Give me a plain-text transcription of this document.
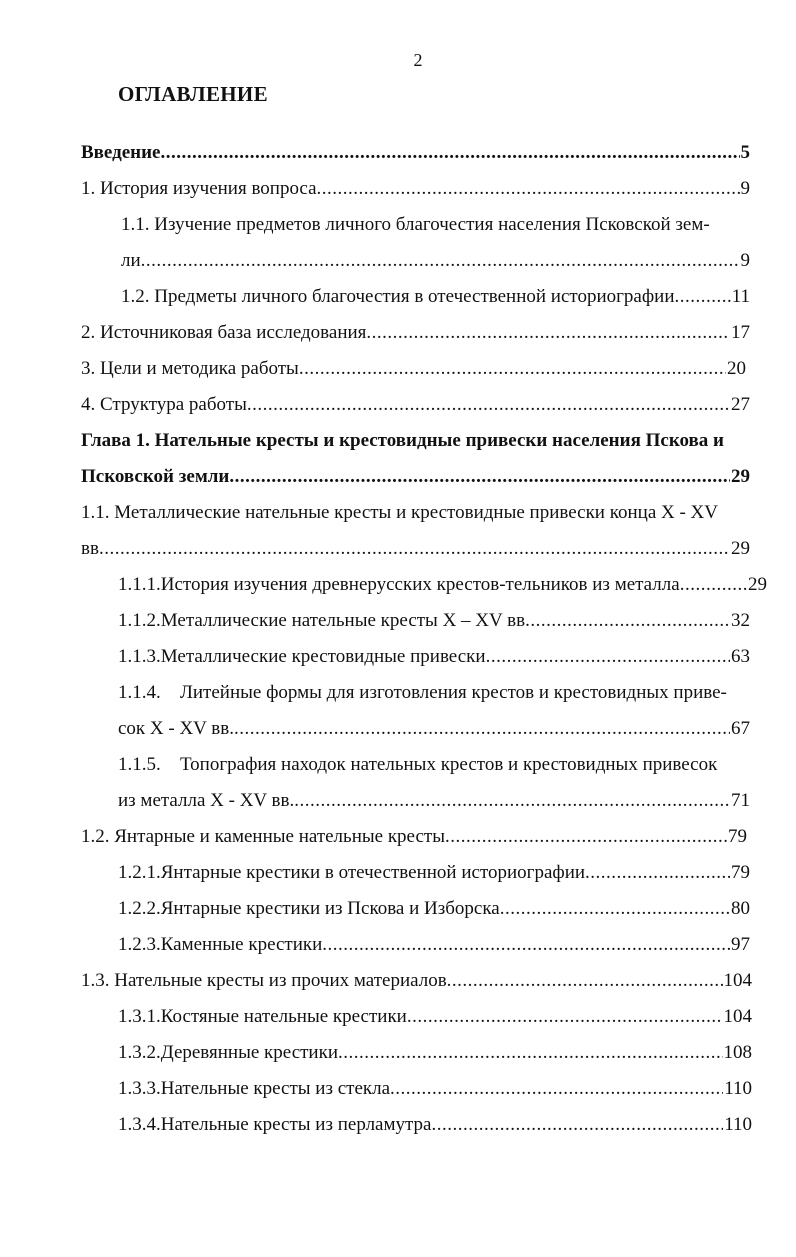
2
ОГЛАВЛЕНИЕ
Введение .....	5
1. История изучения вопроса .....	9
1.1. Изучение предметов личного благочестия населения Псковской зем-
ли .....	9
1.2. Предметы личного благочестия в отечественной историографии .....	11
2. Источниковая база исследования .....	17
3. Цели и методика работы .....	20
4. Структура работы .....	27
Глава 1. Нательные кресты и крестовидные привески населения Пскова и
Псковской земли .....	29
1.1. Металлические нательные кресты и крестовидные привески конца Х - XV
вв .....	29
1.1.1. История изучения древнерусских крестов-тельников из металла .....	29
1.1.2. Металлические нательные кресты X – XV вв .....	32
1.1.3. Металлические крестовидные привески .....	63
1.1.4.	Литейные формы для изготовления крестов и крестовидных приве-
сок X - XV вв. .....	67
1.1.5.	Топография находок нательных крестов и крестовидных привесок
из металла X - XV вв. .....	71
1.2. Янтарные и каменные нательные кресты .....	.79
1.2.1. Янтарные крестики в отечественной историографии .....	79
1.2.2. Янтарные крестики из Пскова и Изборска .....	80
1.2.3. Каменные крестики .....	97
1.3. Нательные кресты из прочих материалов .....	104
1.3.1. Костяные нательные крестики .....	104
1.3.2. Деревянные крестики .....	108
1.3.3. Нательные кресты из стекла .....	110
1.3.4. Нательные кресты из перламутра .....	110
